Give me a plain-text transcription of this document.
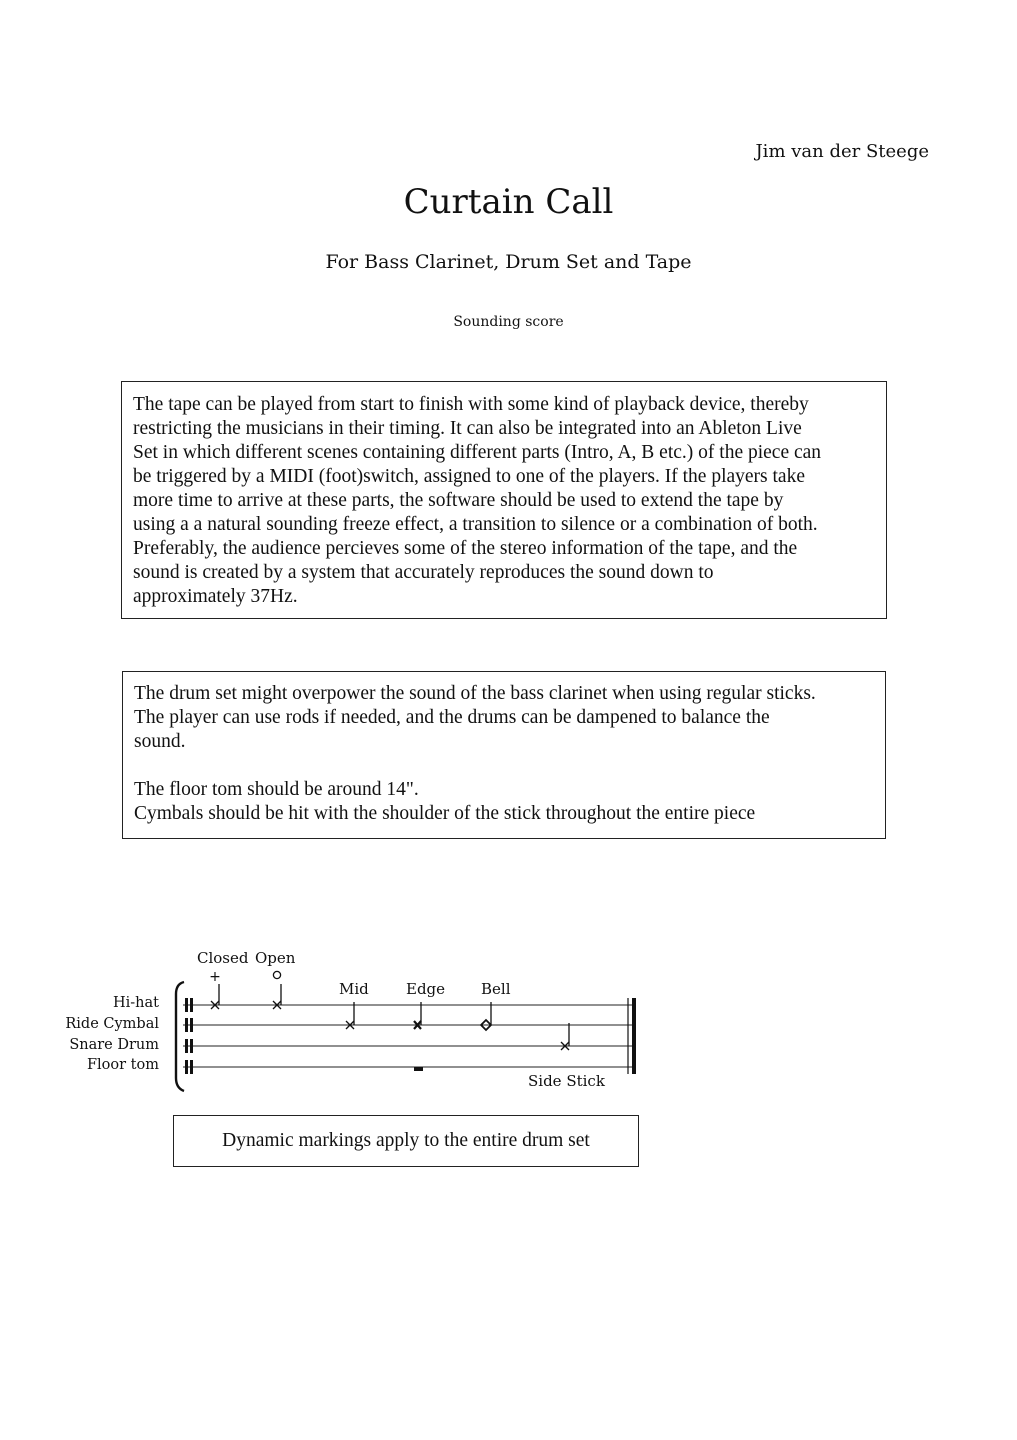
Jim van der Steege
Curtain Call
For Bass Clarinet, Drum Set and Tape
Sounding score
The tape can be played from start to finish with some kind of playback device, thereby
restricting the musicians in their timing. It can also be integrated into an Ableton Live
Set in which different scenes containing different parts (Intro, A, B etc.) of the piece can
be triggered by a MIDI (foot)switch, assigned to one of the players. If the players take
more time to arrive at these parts, the software should be used to extend the tape by
using a a natural sounding freeze effect, a transition to silence or a combination of both.
Preferably, the audience percieves some of the stereo information of the tape, and the
sound is created by a system that accurately reproduces the sound down to
approximately 37Hz.
The drum set might overpower the sound of the bass clarinet when using regular sticks.
The player can use rods if needed, and the drums can be dampened to balance the
sound.
The floor tom should be around 14".
Cymbals should be hit with the shoulder of the stick throughout the entire piece
Hi-hat
Ride Cymbal
Snare Drum
Floor tom
Closed Open
Mid Edge Bell
Side Stick
+
Dynamic markings apply to the entire drum set
